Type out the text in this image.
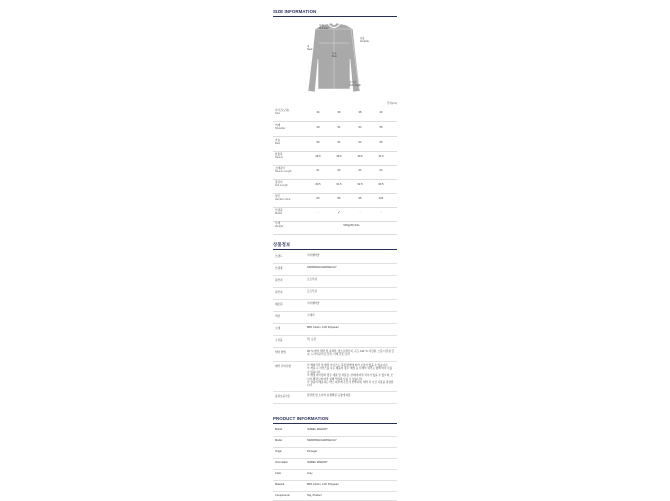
SIZE INFORMATION
어깨
Shoulder
넥
Neck
가슴
Bust
암홀
Armhole
총기장
Full Length
단위(cm)
사이즈(구분)
Size	34	36	38	40
어깨
Shoulder	49	51	53	55
가슴
Bust	59	61	63	65
암홀폭
Sleeve	26.5	29.5	30.5	31.5
소매길이
Sleeve Length	61	62	63	64
총길이
Full Length	60.5	61.5	62.5	63.5
밑단
Hemline Size	83	86	95	100
모델핏
Model	-	✔	-	-
무게
Weight	525g(36) Size
상품정보
브랜드	이자벨마랑
모델명	SW0065FA/A2W01ECGY
원산지	포르투갈
원산지	포르투갈
제조원	이자벨마랑
색상	그레이
소재	88% Cotton, 12% Polyester
구성품	택, 포장
세탁 방법	30 °C 에서 세탁 및 중세탁, 염소표백금지, 온도 110 °C 다림질, 스팀 다림질 금지, 드라이클리닝 금지, 기계 건조 금지
제작 주의사항	※ 해외직진 및 매장 사이즈는 측정 방법에 따라 오차가 있을 수 있습니다.
※ 착용 시 사이즈를 나온 제품의 경우 '제입 등 다세탁 처리는 명에 따라 다를 수 있습니다.
※ 매칭 아이템의 경우 재질 및 착용감, 상태에 따라 차이가 있을 수 있으며, 모니터 해상도에 따라 실제 색상과 다를 수 있습니다.
※ 상품이 배송되는 박스 외부에 주소가 부착되며, 세탁 후 수건 사용을 권장합니다.
품질보증기준	관련법 및 소비자 분쟁해결 규정에 따름
PRODUCT INFORMATION
Brand	ISABEL MARANT
Model	SW0065FA/A2W01ECGY
Origin	Portugal
Information	ISABEL MARANT
Color	Grey
Material	88% Cotton, 12% Polyester
Components	Tag, Product
